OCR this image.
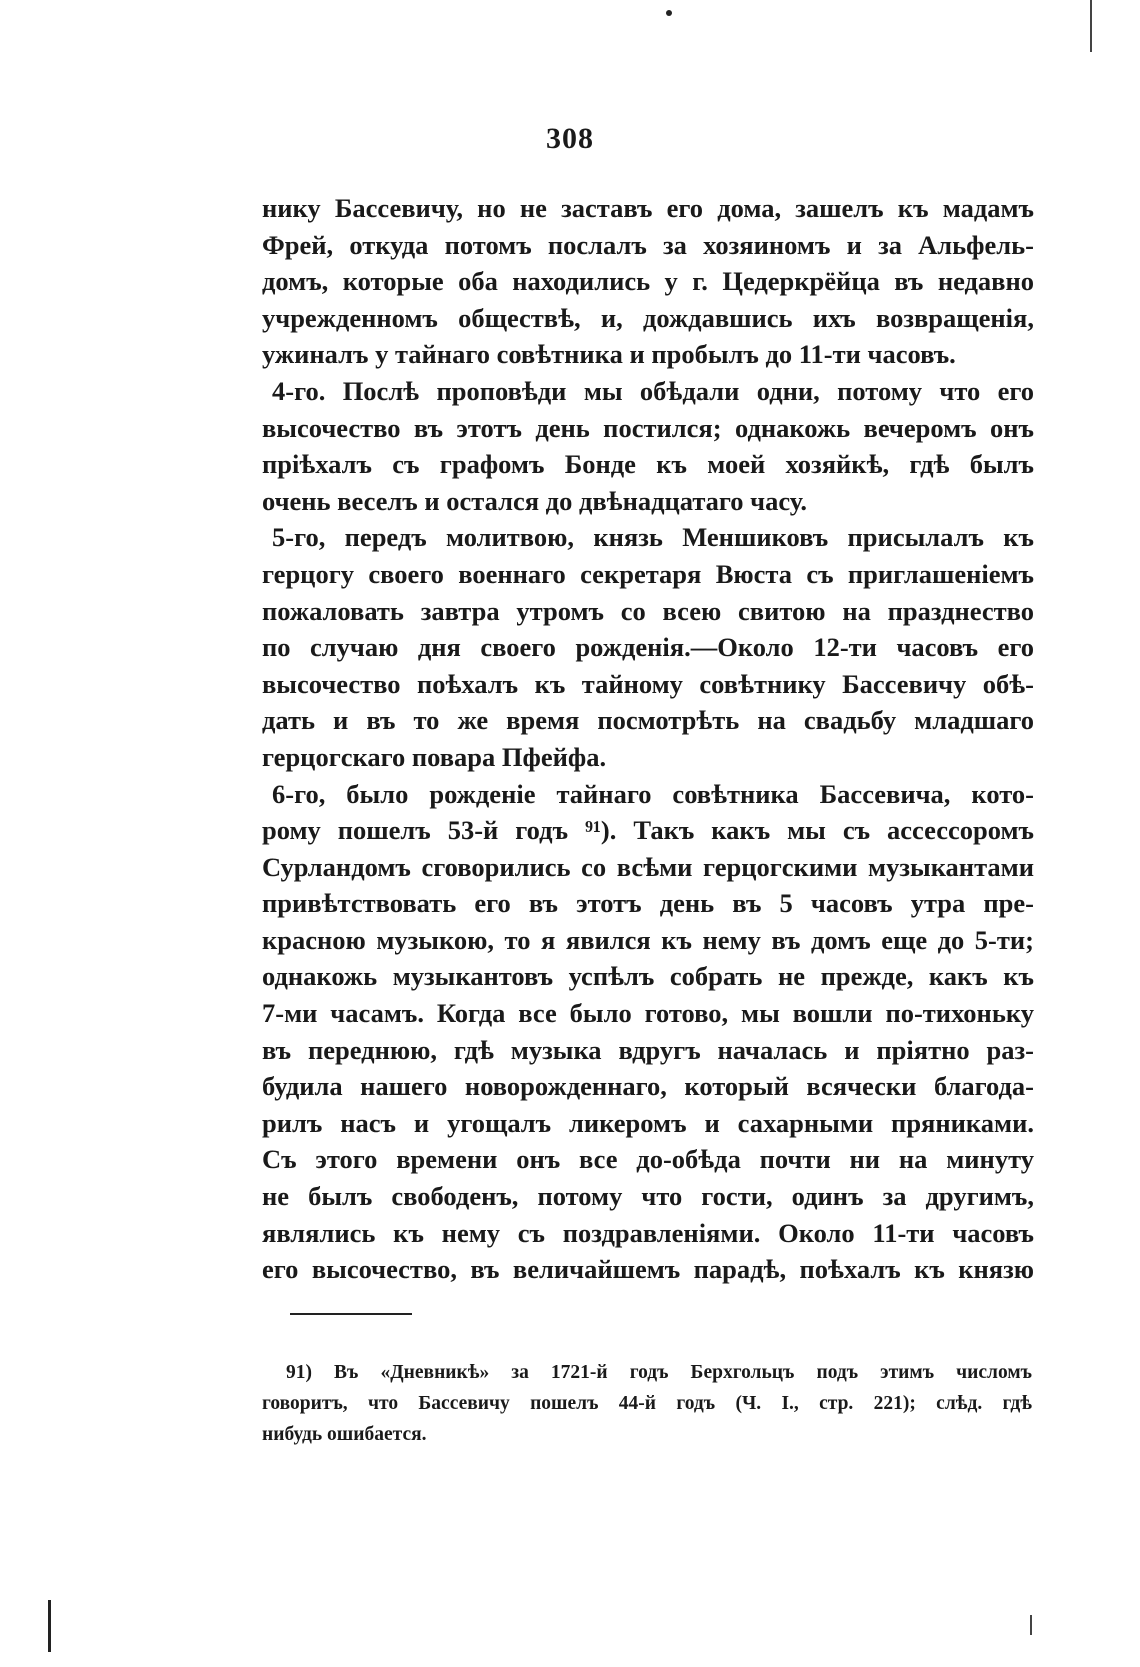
308
нику Бассевичу, но не заставъ его дома, зашелъ къ мадамъ
Фрей, откуда потомъ послалъ за хозяиномъ и за Альфель-
домъ, которые оба находились у г. Цедеркрёйца въ недавно
учрежденномъ обществѣ, и, дождавшись ихъ возвращенія,
ужиналъ у тайнаго совѣтника и пробылъ до 11-ти часовъ.
4-го. Послѣ проповѣди мы обѣдали одни, потому что его
высочество въ этотъ день постился; однакожь вечеромъ онъ
пріѣхалъ съ графомъ Бонде къ моей хозяйкѣ, гдѣ былъ
очень веселъ и остался до двѣнадцатаго часу.
5-го, передъ молитвою, князь Меншиковъ присылалъ къ
герцогу своего военнаго секретаря Вюста съ приглашеніемъ
пожаловать завтра утромъ со всею свитою на празднество
по случаю дня своего рожденія.—Около 12-ти часовъ его
высочество поѣхалъ къ тайному совѣтнику Бассевичу обѣ-
дать и въ то же время посмотрѣть на свадьбу младшаго
герцогскаго повара Пфейфа.
6-го, было рожденіе тайнаго совѣтника Бассевича, кото-
рому пошелъ 53-й годъ ⁹¹). Такъ какъ мы съ ассессоромъ
Сурландомъ сговорились со всѣми герцогскими музыкантами
привѣтствовать его въ этотъ день въ 5 часовъ утра пре-
красною музыкою, то я явился къ нему въ домъ еще до 5-ти;
однакожь музыкантовъ успѣлъ собрать не прежде, какъ къ
7-ми часамъ. Когда все было готово, мы вошли по-тихоньку
въ переднюю, гдѣ музыка вдругъ началась и пріятно раз-
будила нашего новорожденнаго, который всячески благода-
рилъ насъ и угощалъ ликеромъ и сахарными пряниками.
Съ этого времени онъ все до-обѣда почти ни на минуту
не былъ свободенъ, потому что гости, одинъ за другимъ,
являлись къ нему съ поздравленіями. Около 11-ти часовъ
его высочество, въ величайшемъ парадѣ, поѣхалъ къ князю
91) Въ «Дневникѣ» за 1721-й годъ Берхгольцъ подъ этимъ числомъ
говоритъ, что Бассевичу пошелъ 44-й годъ (Ч. I., стр. 221); слѣд. гдѣ
нибудь ошибается.
